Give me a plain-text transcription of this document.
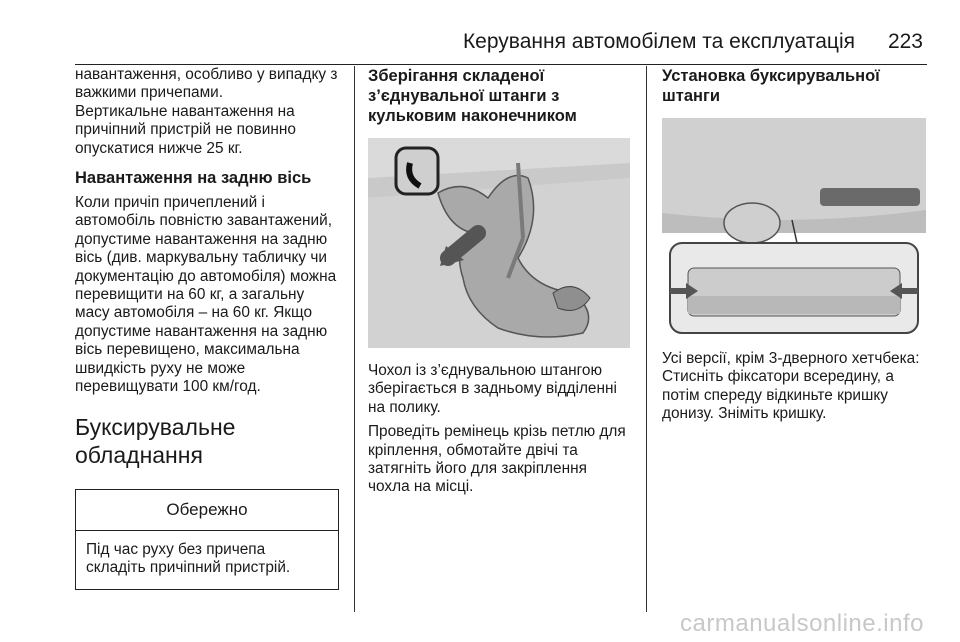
Керування автомобілем та експлуатація 223

навантаження, особливо у випадку з важкими причепами.

Вертикальне навантаження на причіпний пристрій не повинно опускатися нижче 25 кг.

Навантаження на задню вісь

Коли причіп причеплений і автомобіль повністю завантажений, допустиме навантаження на задню вісь (див. маркувальну табличку чи документацію до автомобіля) можна перевищити на 60 кг, а загальну масу автомобіля – на 60 кг. Якщо допустиме навантаження на задню вісь перевищено, максимальна швидкість руху не може перевищувати 100 км/год.

Буксирувальне обладнання
Обережно
Під час руху без причепа складіть причіпний пристрій.
Зберігання складеної з’єднувальної штанги з кульковим наконечником

Чохол із з’єднувальною штангою зберігається в задньому відділенні на полику.

Проведіть ремінець крізь петлю для кріплення, обмотайте двічі та затягніть його для закріплення чохла на місці.

Установка буксирувальної штанги

Усі версії, крім 3-дверного хетчбека: Стисніть фіксатори всередину, а потім спереду відкиньте кришку донизу. Зніміть кришку.

carmanualsonline.info
